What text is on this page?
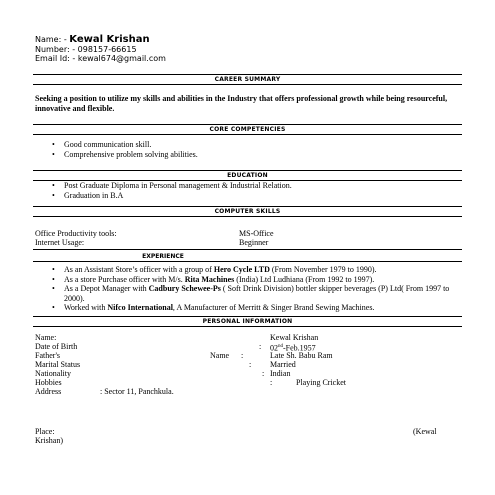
Name: - Kewal Krishan
Number: - 098157-66615
Email Id: - kewal674@gmail.com
CAREER SUMMARY
Seeking a position to utilize my skills and abilities in the Industry that offers professional growth while being resourceful, innovative and flexible.
CORE COMPETENCIES
• Good communication skill.
• Comprehensive problem solving abilities.
EDUCATION
• Post Graduate Diploma in Personal management & Industrial Relation.
• Graduation in B.A
COMPUTER SKILLS
Office Productivity tools:	MS-Office
Internet Usage:	Beginner
EXPERIENCE
• As an Assistant Store’s officer with a group of Hero Cycle LTD (From November 1979 to 1990).
• As a store Purchase officer with M/s. Rita Machines (India) Ltd Ludhiana (From 1992 to 1997).
• As a Depot Manager with Cadbury Schewee-Ps ( Soft Drink Division) bottler skipper beverages (P) Ltd( From 1997 to 2000).
• Worked with Nifco International, A Manufacturer of Merritt & Singer Brand Sewing Machines.
PERSONAL INFORMATION
Name:	Kewal Krishan
Date of Birth	: 02nd-Feb.1957
Father's	Name :	Late Sh. Babu Ram
Marital Status	: Married
Nationality	: Indian
Hobbies	:	Playing Cricket
Address	: Sector 11, Panchkula.
Place:	(Kewal
Krishan)
